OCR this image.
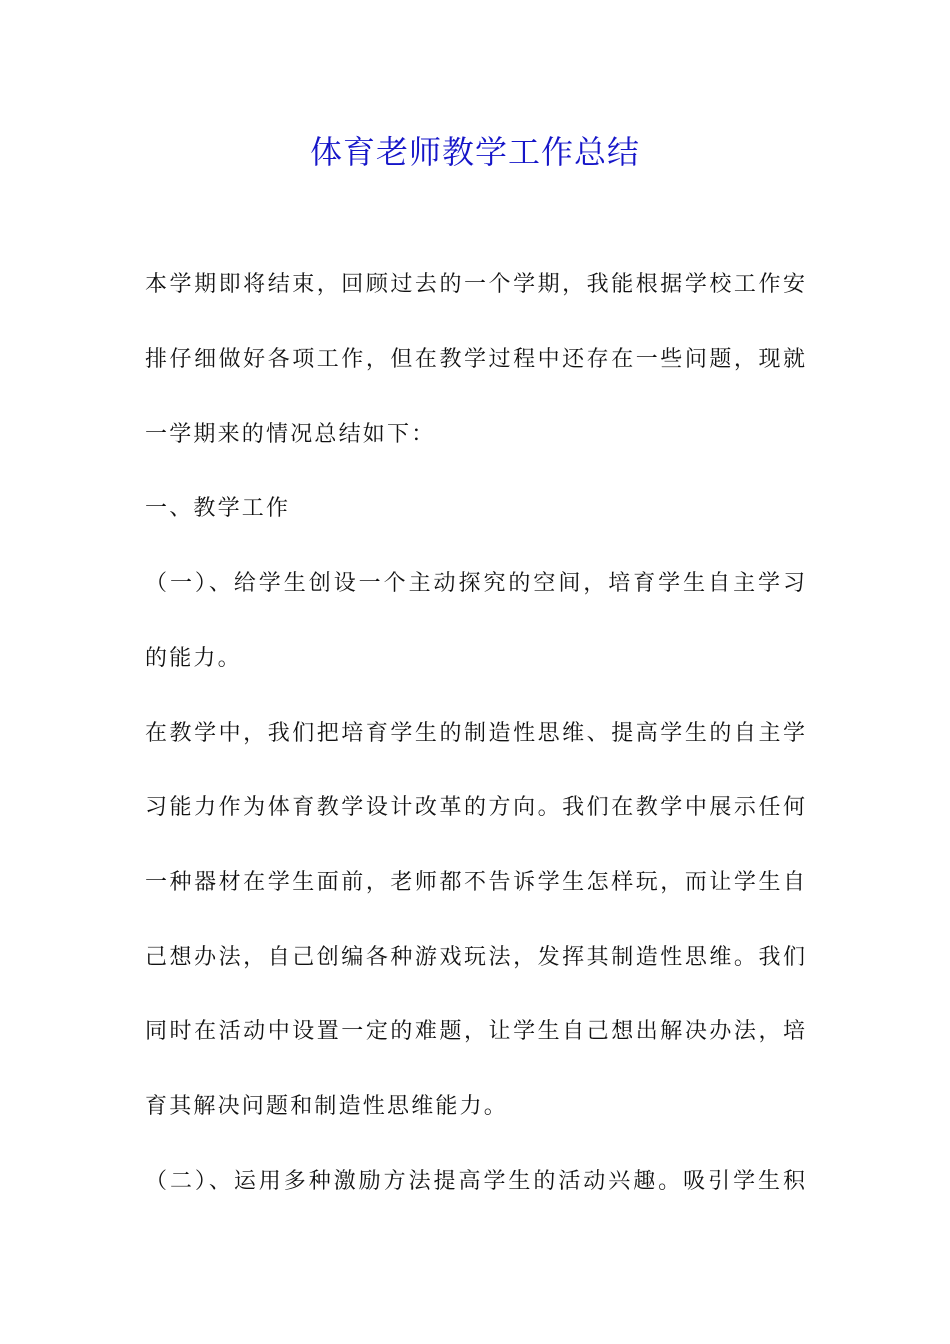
体育老师教学工作总结
本学期即将结束，回顾过去的一个学期，我能根据学校工作安
排仔细做好各项工作，但在教学过程中还存在一些问题，现就
一学期来的情况总结如下：
一、教学工作
（一）、给学生创设一个主动探究的空间，培育学生自主学习
的能力。
在教学中，我们把培育学生的制造性思维、提高学生的自主学
习能力作为体育教学设计改革的方向。我们在教学中展示任何
一种器材在学生面前，老师都不告诉学生怎样玩，而让学生自
己想办法，自己创编各种游戏玩法，发挥其制造性思维。我们
同时在活动中设置一定的难题，让学生自己想出解决办法，培
育其解决问题和制造性思维能力。
（二）、运用多种激励方法提高学生的活动兴趣。吸引学生积
